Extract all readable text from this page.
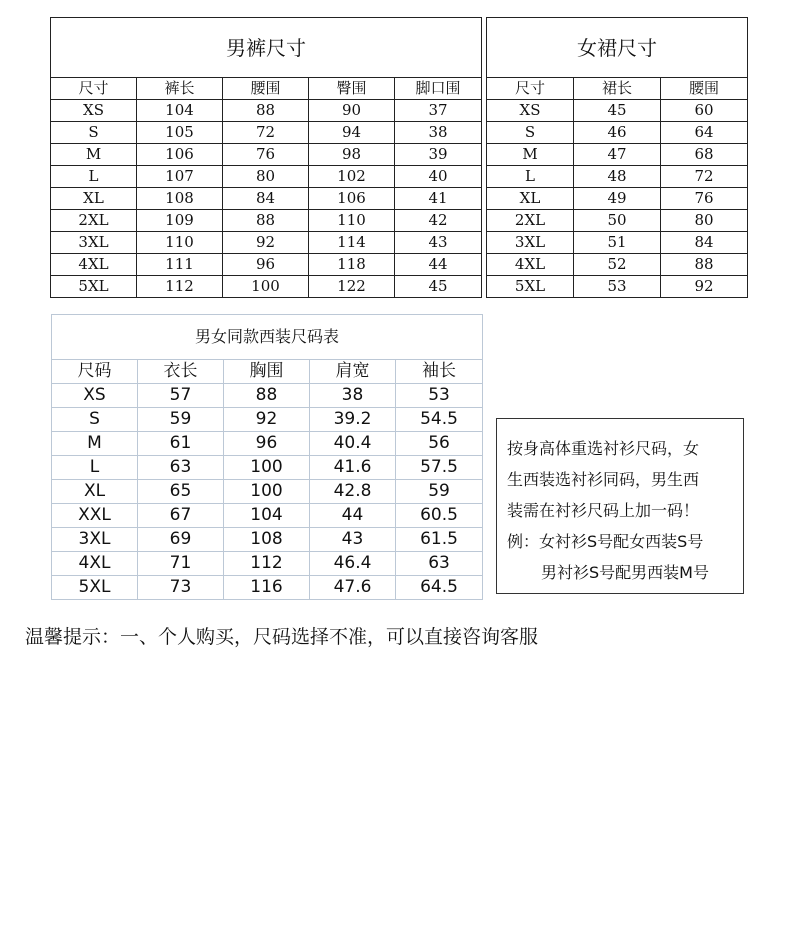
男裤尺寸				
尺寸	裤长	腰围	臀围	脚口围
XS	104	88	90	37
S	105	72	94	38
M	106	76	98	39
L	107	80	102	40
XL	108	84	106	41
2XL	109	88	110	42
3XL	110	92	114	43
4XL	111	96	118	44
5XL	112	100	122	45
女裙尺寸		
尺寸	裙长	腰围
XS	45	60
S	46	64
M	47	68
L	48	72
XL	49	76
2XL	50	80
3XL	51	84
4XL	52	88
5XL	53	92
男女同款西装尺码表				
尺码	衣长	胸围	肩宽	袖长
XS	57	88	38	53
S	59	92	39.2	54.5
M	61	96	40.4	56
L	63	100	41.6	57.5
XL	65	100	42.8	59
XXL	67	104	44	60.5
3XL	69	108	43	61.5
4XL	71	112	46.4	63
5XL	73	116	47.6	64.5
按身高体重选衬衫尺码，女
生西装选衬衫同码，男生西
装需在衬衫尺码上加一码！
例：女衬衫S号配女西装S号
男衬衫S号配男西装M号
温馨提示：一、个人购买，尺码选择不准，可以直接咨询客服
